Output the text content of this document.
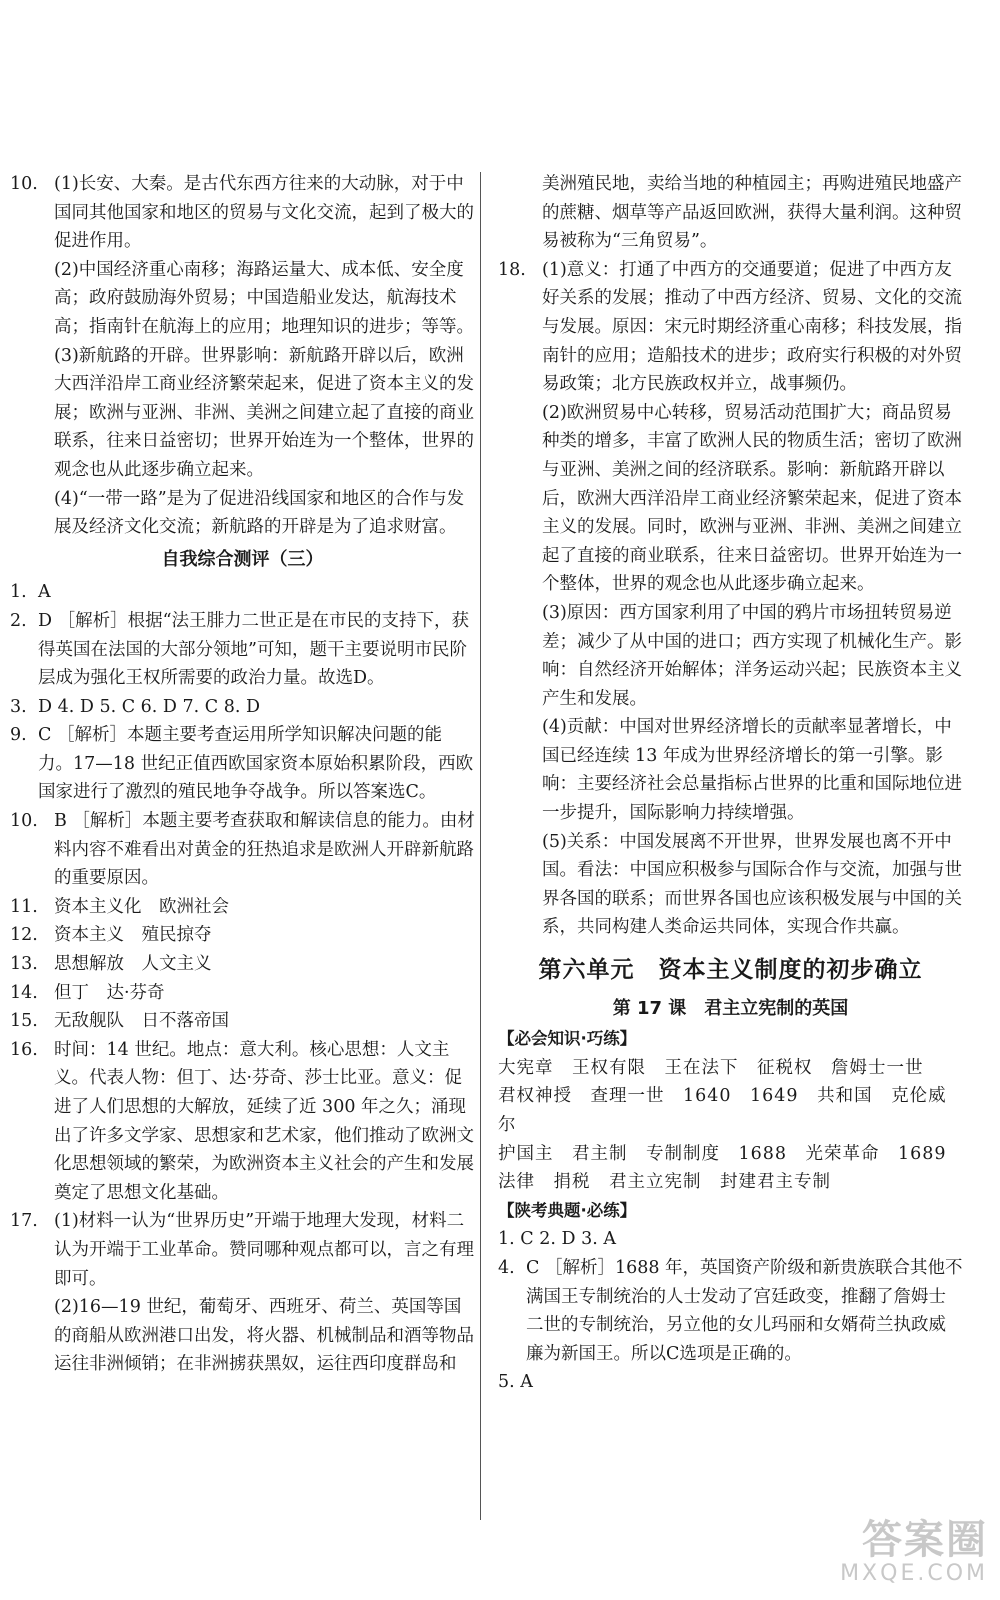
10. (1)长安、大秦。是古代东西方往来的大动脉，对于中国同其他国家和地区的贸易与文化交流，起到了极大的促进作用。
(2)中国经济重心南移；海路运量大、成本低、安全度高；政府鼓励海外贸易；中国造船业发达，航海技术高；指南针在航海上的应用；地理知识的进步；等等。
(3)新航路的开辟。世界影响：新航路开辟以后，欧洲大西洋沿岸工商业经济繁荣起来，促进了资本主义的发展；欧洲与亚洲、非洲、美洲之间建立起了直接的商业联系，往来日益密切；世界开始连为一个整体，世界的观念也从此逐步确立起来。
(4)“一带一路”是为了促进沿线国家和地区的合作与发展及经济文化交流；新航路的开辟是为了追求财富。
自我综合测评（三）
1. A
2. D ［解析］根据“法王腓力二世正是在市民的支持下，获得英国在法国的大部分领地”可知，题干主要说明市民阶层成为强化王权所需要的政治力量。故选D。
3. D 4. D 5. C 6. D 7. C 8. D
9. C ［解析］本题主要考查运用所学知识解决问题的能力。17—18 世纪正值西欧国家资本原始积累阶段，西欧国家进行了激烈的殖民地争夺战争。所以答案选C。
10. B ［解析］本题主要考查获取和解读信息的能力。由材料内容不难看出对黄金的狂热追求是欧洲人开辟新航路的重要原因。
11. 资本主义化　欧洲社会
12. 资本主义　殖民掠夺
13. 思想解放　人文主义
14. 但丁　达·芬奇
15. 无敌舰队　日不落帝国
16. 时间：14 世纪。地点：意大利。核心思想：人文主义。代表人物：但丁、达·芬奇、莎士比亚。意义：促进了人们思想的大解放，延续了近 300 年之久；涌现出了许多文学家、思想家和艺术家，他们推动了欧洲文化思想领域的繁荣，为欧洲资本主义社会的产生和发展奠定了思想文化基础。
17. (1)材料一认为“世界历史”开端于地理大发现，材料二认为开端于工业革命。赞同哪种观点都可以，言之有理即可。
(2)16—19 世纪，葡萄牙、西班牙、荷兰、英国等国的商船从欧洲港口出发，将火器、机械制品和酒等物品运往非洲倾销；在非洲掳获黑奴，运往西印度群岛和
美洲殖民地，卖给当地的种植园主；再购进殖民地盛产的蔗糖、烟草等产品返回欧洲，获得大量利润。这种贸易被称为“三角贸易”。
18. (1)意义：打通了中西方的交通要道；促进了中西方友好关系的发展；推动了中西方经济、贸易、文化的交流与发展。原因：宋元时期经济重心南移；科技发展，指南针的应用；造船技术的进步；政府实行积极的对外贸易政策；北方民族政权并立，战事频仍。
(2)欧洲贸易中心转移，贸易活动范围扩大；商品贸易种类的增多，丰富了欧洲人民的物质生活；密切了欧洲与亚洲、美洲之间的经济联系。影响：新航路开辟以后，欧洲大西洋沿岸工商业经济繁荣起来，促进了资本主义的发展。同时，欧洲与亚洲、非洲、美洲之间建立起了直接的商业联系，往来日益密切。世界开始连为一个整体，世界的观念也从此逐步确立起来。
(3)原因：西方国家利用了中国的鸦片市场扭转贸易逆差；减少了从中国的进口；西方实现了机械化生产。影响：自然经济开始解体；洋务运动兴起；民族资本主义产生和发展。
(4)贡献：中国对世界经济增长的贡献率显著增长，中国已经连续 13 年成为世界经济增长的第一引擎。影响：主要经济社会总量指标占世界的比重和国际地位进一步提升，国际影响力持续增强。
(5)关系：中国发展离不开世界，世界发展也离不开中国。看法：中国应积极参与国际合作与交流，加强与世界各国的联系；而世界各国也应该积极发展与中国的关系，共同构建人类命运共同体，实现合作共赢。
第六单元　资本主义制度的初步确立
第 17 课　君主立宪制的英国
【必会知识·巧练】
大宪章　王权有限　王在法下　征税权　詹姆士一世
君权神授　查理一世　1640　1649　共和国　克伦威尔
护国主　君主制　专制制度　1688　光荣革命　1689
法律　捐税　君主立宪制　封建君主专制
【陕考典题·必练】
1. C 2. D 3. A
4. C ［解析］1688 年，英国资产阶级和新贵族联合其他不满国王专制统治的人士发动了宫廷政变，推翻了詹姆士二世的专制统治，另立他的女儿玛丽和女婿荷兰执政威廉为新国王。所以C选项是正确的。
5. A
答案圈
MXQE.COM
